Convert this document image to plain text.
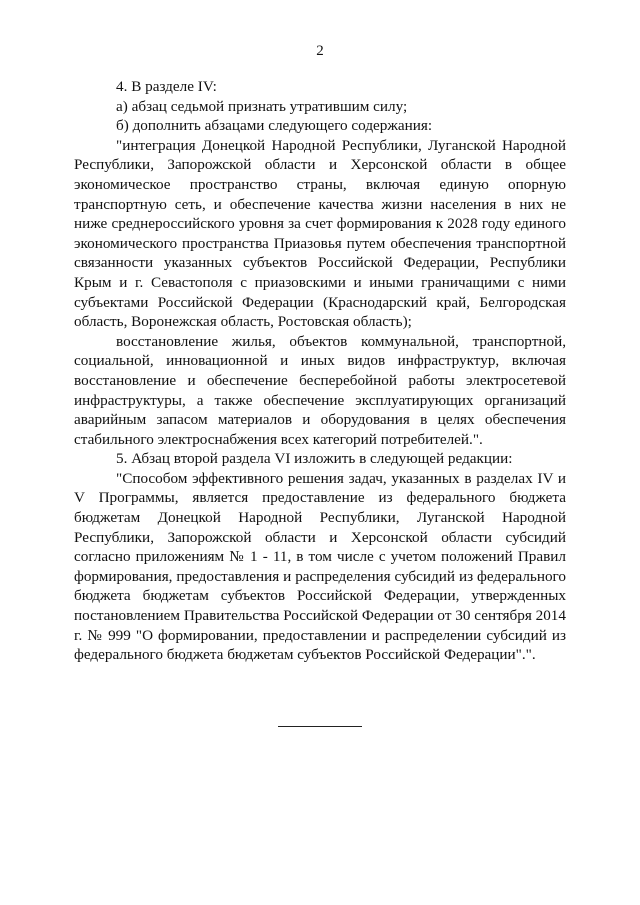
2

4. В разделе IV:

а) абзац седьмой признать утратившим силу;

б) дополнить абзацами следующего содержания:

"интеграция Донецкой Народной Республики, Луганской Народной Республики, Запорожской области и Херсонской области в общее экономическое пространство страны, включая единую опорную транспортную сеть, и обеспечение качества жизни населения в них не ниже среднероссийского уровня за счет формирования к 2028 году единого экономического пространства Приазовья путем обеспечения транспортной связанности указанных субъектов Российской Федерации, Республики Крым и г. Севастополя с приазовскими и иными граничащими с ними субъектами Российской Федерации (Краснодарский край, Белгородская область, Воронежская область, Ростовская область);

восстановление жилья, объектов коммунальной, транспортной, социальной, инновационной и иных видов инфраструктур, включая восстановление и обеспечение бесперебойной работы электросетевой инфраструктуры, а также обеспечение эксплуатирующих организаций аварийным запасом материалов и оборудования в целях обеспечения стабильного электроснабжения всех категорий потребителей.".

5. Абзац второй раздела VI изложить в следующей редакции:

"Способом эффективного решения задач, указанных в разделах IV и V Программы, является предоставление из федерального бюджета бюджетам Донецкой Народной Республики, Луганской Народной Республики, Запорожской области и Херсонской области субсидий согласно приложениям № 1 - 11, в том числе с учетом положений Правил формирования, предоставления и распределения субсидий из федерального бюджета бюджетам субъектов Российской Федерации, утвержденных постановлением Правительства Российской Федерации от 30 сентября 2014 г. № 999 "О формировании, предоставлении и распределении субсидий из федерального бюджета бюджетам субъектов Российской Федерации".".
